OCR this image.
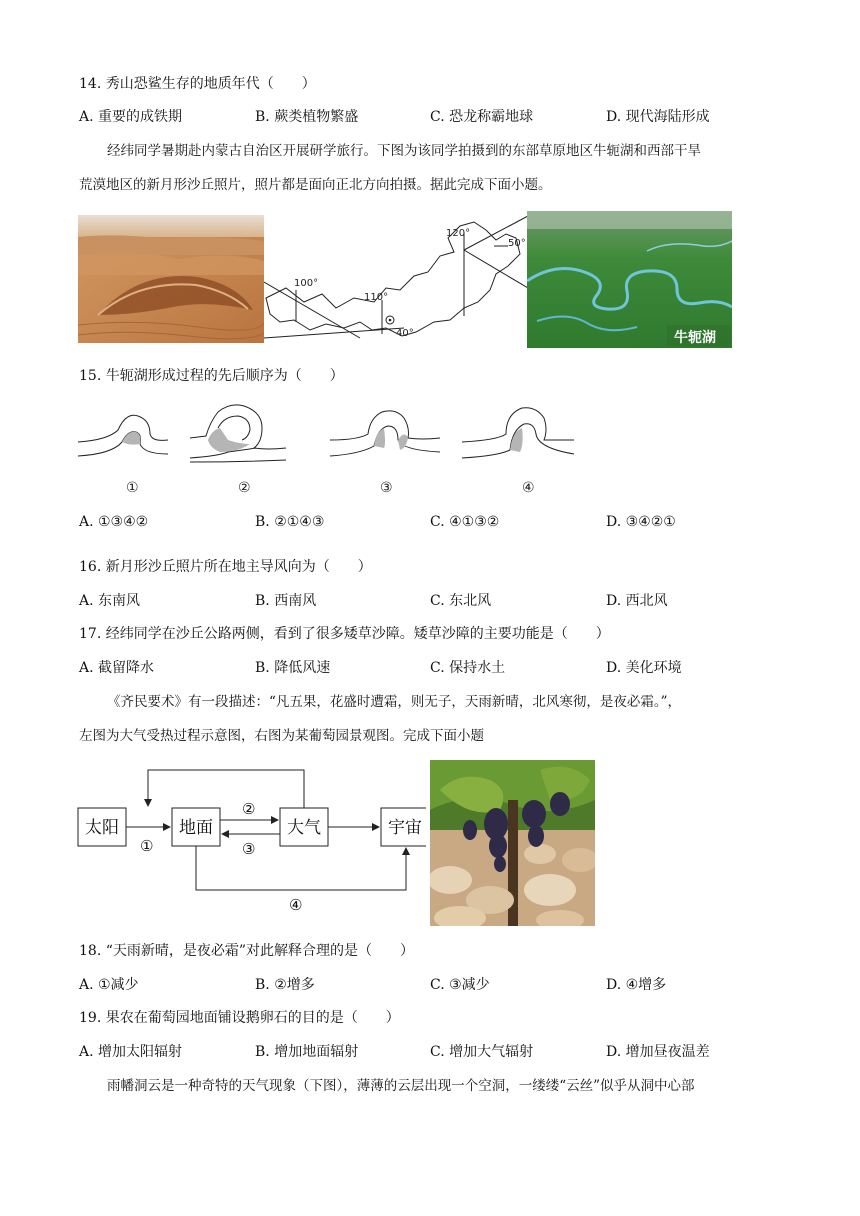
14. 秀山恐鲨生存的地质年代（　　）
A. 重要的成铁期	B. 蕨类植物繁盛	C. 恐龙称霸地球	D. 现代海陆形成
经纬同学暑期赴内蒙古自治区开展研学旅行。下图为该同学拍摄到的东部草原地区牛轭湖和西部干旱
荒漠地区的新月形沙丘照片，照片都是面向正北方向拍摄。据此完成下面小题。
100°
110°
120°
50°
40°	牛轭湖
15. 牛轭湖形成过程的先后顺序为（　　）
①	②	③	④
A. ①③④②	B. ②①④③	C. ④①③②	D. ③④②①
16. 新月形沙丘照片所在地主导风向为（　　）
A. 东南风	B. 西南风	C. 东北风	D. 西北风
17. 经纬同学在沙丘公路两侧，看到了很多矮草沙障。矮草沙障的主要功能是（　　）
A. 截留降水	B. 降低风速	C. 保持水土	D. 美化环境
《齐民要术》有一段描述：“凡五果，花盛时遭霜，则无子，天雨新晴，北风寒彻，是夜必霜。”，
左图为大气受热过程示意图，右图为某葡萄园景观图。完成下面小题
太阳	地面	大气	宇宙
①
②
③
④
18. “天雨新晴，是夜必霜”对此解释合理的是（　　）
A. ①减少	B. ②增多	C. ③减少	D. ④增多
19. 果农在葡萄园地面铺设鹅卵石的目的是（　　）
A. 增加太阳辐射	B. 增加地面辐射	C. 增加大气辐射	D. 增加昼夜温差
雨幡洞云是一种奇特的天气现象（下图），薄薄的云层出现一个空洞，一缕缕“云丝”似乎从洞中心部
